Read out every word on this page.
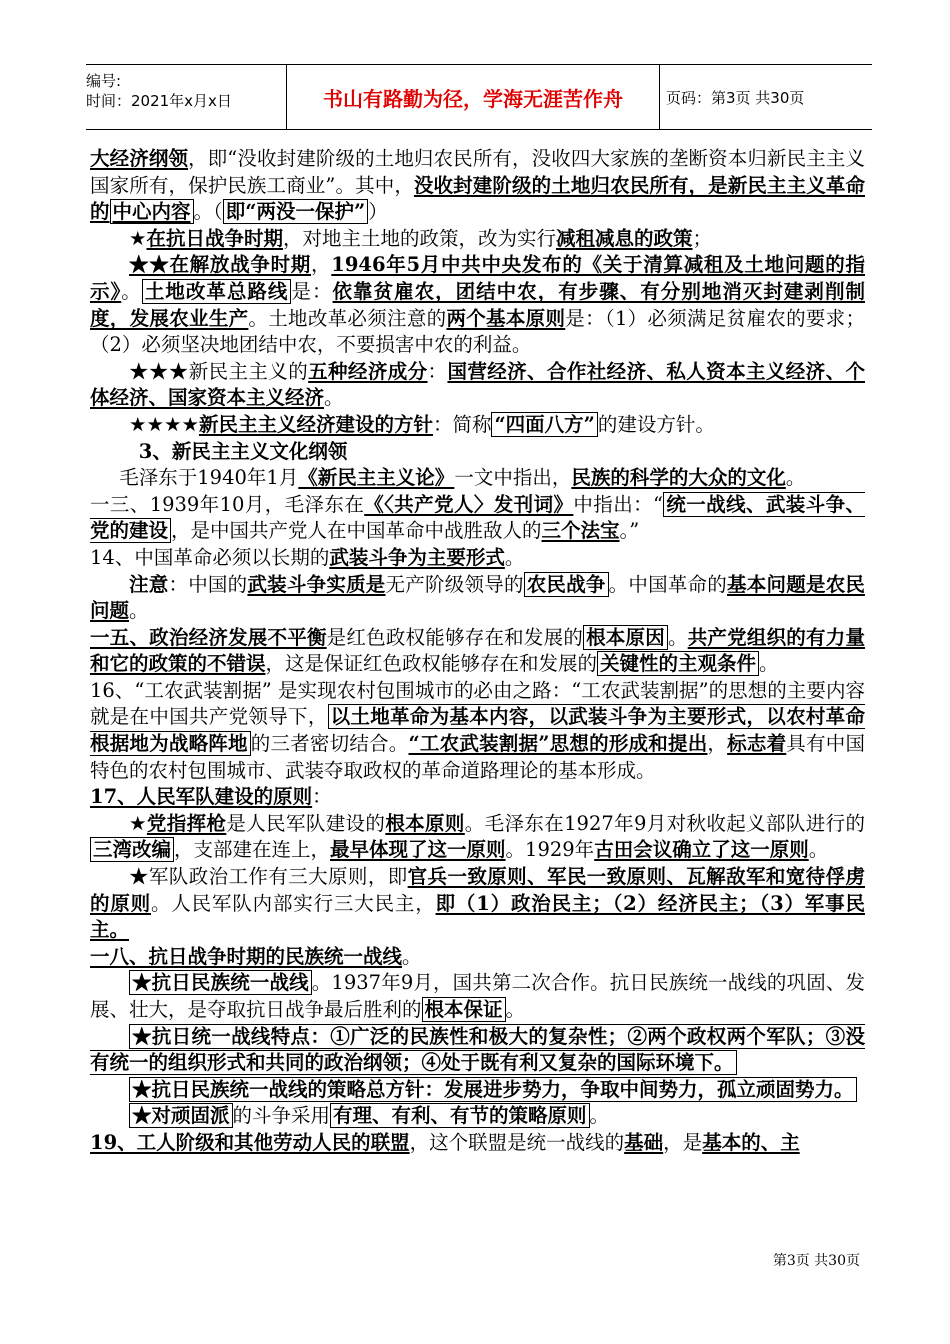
编号:
时间：2021年x月x日	书山有路勤为径，学海无涯苦作舟	页码：第3页 共30页

大经济纲领，即“没收封建阶级的土地归农民所有，没收四大家族的垄断资本归新民主主义国家所有，保护民族工商业”。其中，没收封建阶级的土地归农民所有，是新民主主义革命的 中心内容 。（ 即“两没一保护” ）

★在抗日战争时期，对地主土地的政策，改为实行减租减息的政策；

★★在解放战争时期，1946年5月中共中央发布的《关于清算减租及土地问题的指示》。 土地改革总路线 是：依靠贫雇农，团结中农，有步骤、有分别地消灭封建剥削制度，发展农业生产。土地改革必须注意的两个基本原则是：（1）必须满足贫雇农的要求；（2）必须坚决地团结中农，不要损害中农的利益。

★★★新民主主义的五种经济成分：国营经济、合作社经济、私人资本主义经济、个体经济、国家资本主义经济。

★★★★新民主主义经济建设的方针：简称 “四面八方” 的建设方针。

3、新民主主义文化纲领

毛泽东于1940年1月《新民主主义论》一文中指出，民族的科学的大众的文化。

一三、1939年10月，毛泽东在《〈共产党人〉发刊词》中指出：“ 统一战线、武装斗争、党的建设 ，是中国共产党人在中国革命中战胜敌人的三个法宝。”

14、中国革命必须以长期的武装斗争为主要形式。

注意：中国的武装斗争实质是无产阶级领导的 农民战争 。中国革命的基本问题是农民问题。

一五、政治经济发展不平衡是红色政权能够存在和发展的 根本原因 。共产党组织的有力量和它的政策的不错误，这是保证红色政权能够存在和发展的 关键性的主观条件 。

16、“工农武装割据” 是实现农村包围城市的必由之路：“工农武装割据”的思想的主要内容就是在中国共产党领导下， 以土地革命为基本内容，以武装斗争为主要形式，以农村革命根据地为战略阵地 的三者密切结合。“工农武装割据”思想的形成和提出，标志着具有中国特色的农村包围城市、武装夺取政权的革命道路理论的基本形成。

17、人民军队建设的原则：

★党指挥枪是人民军队建设的根本原则。毛泽东在1927年9月对秋收起义部队进行的三湾改编 ，支部建在连上，最早体现了这一原则。1929年古田会议确立了这一原则。

★军队政治工作有三大原则，即官兵一致原则、军民一致原则、瓦解敌军和宽待俘虏的原则。人民军队内部实行三大民主，即（1）政治民主；（2）经济民主；（3）军事民主。

一八、抗日战争时期的民族统一战线。

★抗日民族统一战线 。1937年9月，国共第二次合作。抗日民族统一战线的巩固、发展、壮大，是夺取抗日战争最后胜利的 根本保证 。

★抗日统一战线特点：①广泛的民族性和极大的复杂性；②两个政权两个军队；③没有统一的组织形式和共同的政治纲领；④处于既有利又复杂的国际环境下。

★抗日民族统一战线的策略总方针：发展进步势力，争取中间势力，孤立顽固势力。

★对顽固派 的斗争采用 有理、有利、有节的策略原则 。

19、工人阶级和其他劳动人民的联盟，这个联盟是统一战线的基础，是基本的、主

第3页 共30页
